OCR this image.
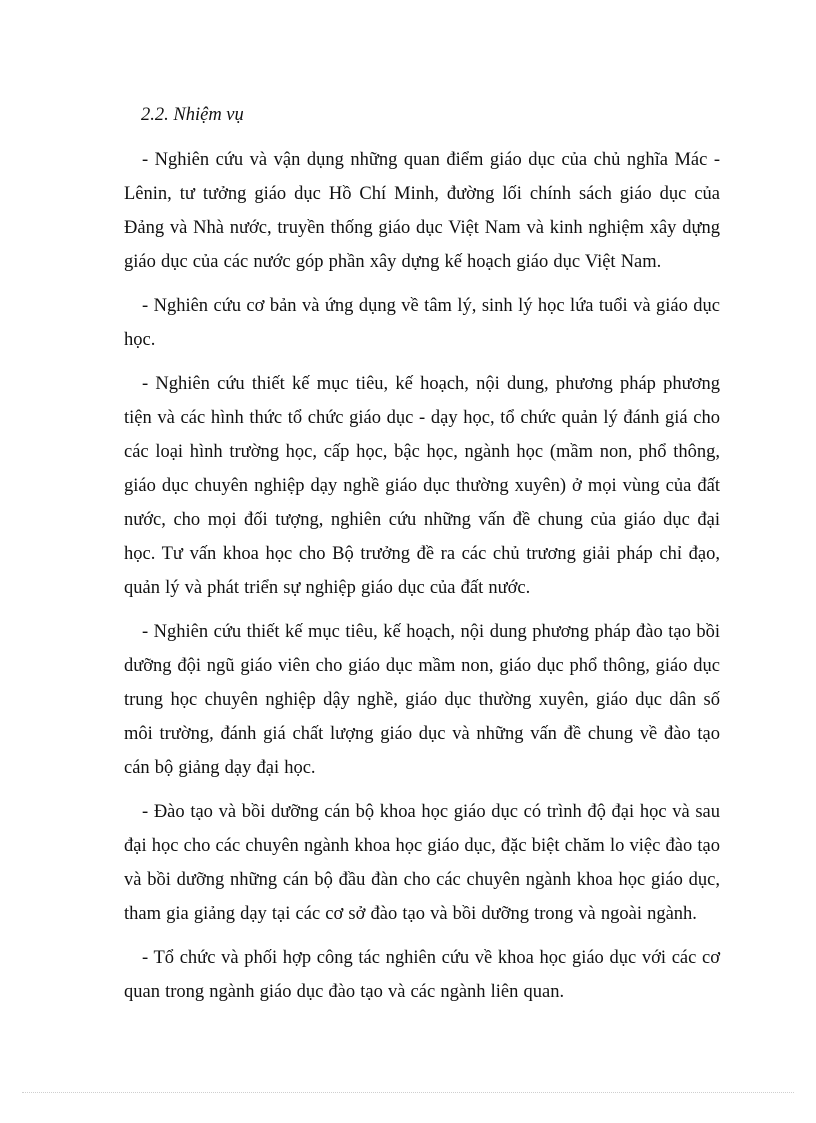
2.2. Nhiệm vụ

- Nghiên cứu và vận dụng những quan điểm giáo dục của chủ nghĩa Mác - Lênin, tư tưởng giáo dục Hồ Chí Minh, đường lối chính sách giáo dục của Đảng và Nhà nước, truyền thống giáo dục Việt Nam và kinh nghiệm xây dựng giáo dục của các nước góp phần xây dựng kế hoạch giáo dục Việt Nam.

- Nghiên cứu cơ bản và ứng dụng về tâm lý, sinh lý học lứa tuổi và giáo dục học.

- Nghiên cứu thiết kế mục tiêu, kế hoạch, nội dung, phương pháp phương tiện và các hình thức tổ chức giáo dục - dạy học, tổ chức quản lý đánh giá cho các loại hình trường học, cấp học, bậc học, ngành học (mầm non, phổ thông, giáo dục chuyên nghiệp dạy nghề giáo dục thường xuyên) ở mọi vùng của đất nước, cho mọi đối tượng, nghiên cứu những vấn đề chung của giáo dục đại học. Tư vấn khoa học cho Bộ trưởng đề ra các chủ trương giải pháp chỉ đạo, quản lý và phát triển sự nghiệp giáo dục của đất nước.

- Nghiên cứu thiết kế mục tiêu, kế hoạch, nội dung phương pháp đào tạo bồi dưỡng đội ngũ giáo viên cho giáo dục mầm non, giáo dục phổ thông, giáo dục trung học chuyên nghiệp dậy nghề, giáo dục thường xuyên, giáo dục dân số môi trường, đánh giá chất lượng giáo dục và những vấn đề chung về đào tạo cán bộ giảng dạy đại học.

- Đào tạo và bồi dưỡng cán bộ khoa học giáo dục có trình độ đại học và sau đại học cho các chuyên ngành khoa học giáo dục, đặc biệt chăm lo việc đào tạo và bồi dưỡng những cán bộ đầu đàn cho các chuyên ngành khoa học giáo dục, tham gia giảng dạy tại các cơ sở đào tạo và bồi dưỡng trong và ngoài ngành.

- Tổ chức và phối hợp công tác nghiên cứu về khoa học giáo dục với các cơ quan trong ngành giáo dục đào tạo và các ngành liên quan.
